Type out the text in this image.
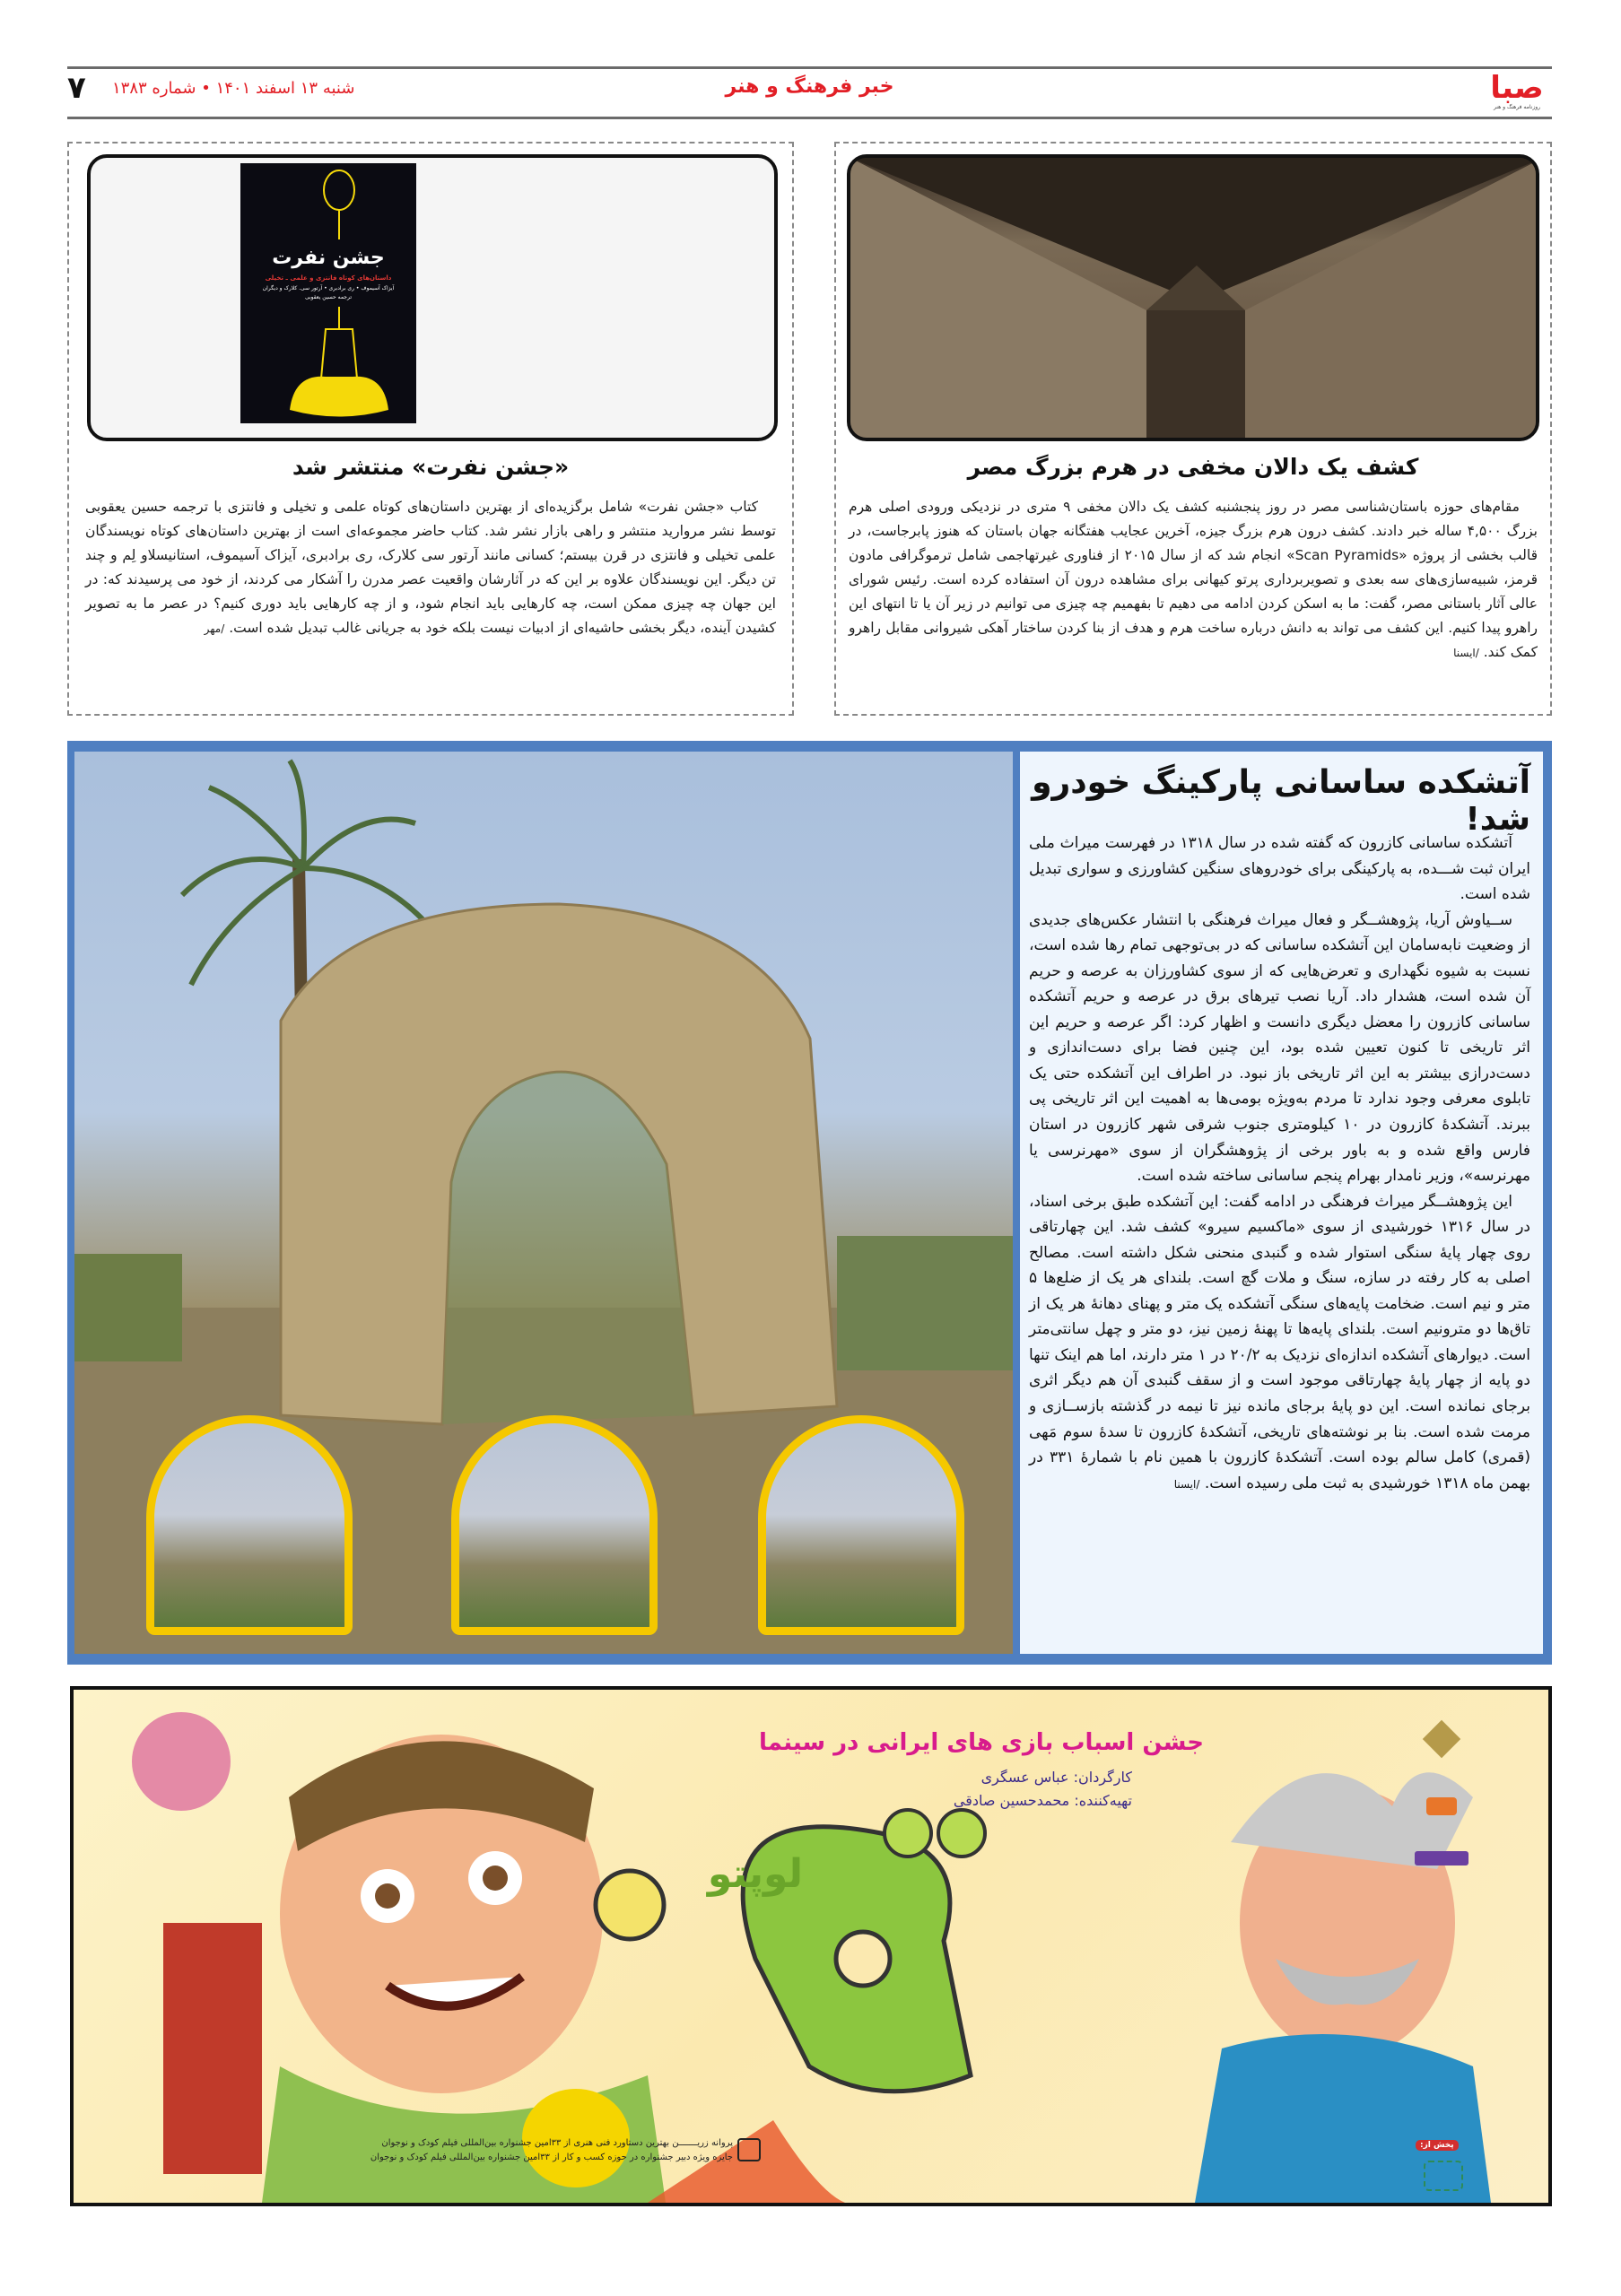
صبا
روزنامه فرهنگ و هنر
خبر فرهنگ و هنر
شنبه ۱۳ اسفند ۱۴۰۱ • شماره ۱۳۸۳
۷
کشف یک دالان مخفی در هرم بزرگ مصر

مقام‌های حوزه باستان‌شناسی مصر در روز پنجشنبه کشف یک دالان مخفی ۹ متری در نزدیکی ورودی اصلی هرم بزرگ ۴,۵۰۰ ساله خبر دادند. کشف درون هرم بزرگ جیزه، آخرین عجایب هفتگانه جهان باستان که هنوز پابرجاست، در قالب بخشی از پروژه «Scan Pyramids» انجام شد که از سال ۲۰۱۵ از فناوری غیرتهاجمی شامل ترموگرافی مادون قرمز، شبیه‌سازی‌های سه بعدی و تصویربرداری پرتو کیهانی برای مشاهده درون آن استفاده کرده است. رئیس شورای عالی آثار باستانی مصر، گفت: ما به اسکن کردن ادامه می دهیم تا بفهمیم چه چیزی می توانیم در زیر آن یا تا انتهای این راهرو پیدا کنیم. این کشف می تواند به دانش درباره ساخت هرم و هدف از بنا کردن ساختار آهکی شیروانی مقابل راهرو کمک کند. /ایسنا

جشن نفرت
داستان‌های کوتاه فانتزی و علمی ـ تخیلی
آیزاک آسیموف • ری برادبری • آرتور سی. کلارک و دیگران
ترجمه حسین یعقوبی
«جشن نفرت» منتشر شد

کتاب «جشن نفرت» شامل برگزیده‌ای از بهترین داستان‌های کوتاه علمی و تخیلی و فانتزی با ترجمه حسین یعقوبی توسط نشر مروارید منتشر و راهی بازار نشر شد. کتاب حاضر مجموعه‌ای است از بهترین داستان‌های کوتاه نویسندگان علمی تخیلی و فانتزی در قرن بیستم؛ کسانی مانند آرتور سی کلارک، ری برادبری، آیزاک آسیموف، استانیسلاو لِم و چند تن دیگر. این نویسندگان علاوه بر این که در آثارشان واقعیت عصر مدرن را آشکار می کردند، از خود می پرسیدند که: در این جهان چه چیزی ممکن است، چه کارهایی باید انجام شود، و از چه کارهایی باید دوری کنیم؟ در عصر ما به تصویر کشیدن آینده، دیگر بخشی حاشیه‌ای از ادبیات نیست بلکه خود به جریانی غالب تبدیل شده است. /مهر

آتشکده ساسانی پارکینگ خودرو شد!

آتشکده ساسانی کازرون که گفته شده در سال ۱۳۱۸ در فهرست میراث ملی ایران ثبت شـــده، به پارکینگی برای خودروهای سنگین کشاورزی و سواری تبدیل شده است.

ســیاوش آریا، پژوهشــگر و فعال میراث فرهنگی با انتشار عکس‌های جدیدی از وضعیت نابه‌سامان این آتشکده ساسانی که در بی‌توجهی تمام رها شده است، نسبت به شیوه نگهداری و تعرض‌هایی که از سوی کشاورزان به عرصه و حریم آن شده است، هشدار داد. آریا نصب تیرهای برق در عرصه و حریم آتشکده ساسانی کازرون را معضل دیگری دانست و اظهار کرد: اگر عرصه و حریم این اثر تاریخی تا کنون تعیین شده بود، این چنین فضا برای دست‌اندازی و دست‌درازی بیشتر به این اثر تاریخی باز نبود. در اطراف این آتشکده حتی یک تابلوی معرفی وجود ندارد تا مردم به‌ویژه بومی‌ها به اهمیت این اثر تاریخی پی ببرند. آتشکدهٔ کازرون در ۱۰ کیلومتری جنوب شرقی شهر کازرون در استان فارس واقع شده و به باور برخی از پژوهشگران از سوی «مهرنرسی یا مهرنرسه»، وزیر نامدار بهرام پنجم ساسانی ساخته شده است.

این پژوهشــگر میراث فرهنگی در ادامه گفت: این آتشکده طبق برخی اسناد، در سال ۱۳۱۶ خورشیدی از سوی «ماکسیم سیرو» کشف شد. این چهارتاقی روی چهار پایهٔ سنگی استوار شده و گنبدی منحنی شکل داشته است. مصالح اصلی به کار رفته در سازه، سنگ و ملات گچ است. بلندای هر یک از ضلع‌ها ۵ متر و نیم است. ضخامت پایه‌های سنگی آتشکده یک متر و پهنای دهانهٔ هر یک از تاق‌ها دو مترونیم است. بلندای پایه‌ها تا پهنهٔ زمین نیز، دو متر و چهل سانتی‌متر است. دیوارهای آتشکده اندازه‌ای نزدیک به ۲۰/۲ در ۱ متر دارند، اما هم اینک تنها دو پایه از چهار پایهٔ چهارتاقی موجود است و از سقف گنبدی آن هم دیگر اثری برجای نمانده است. این دو پایهٔ برجای مانده نیز تا نیمه در گذشته بازســازی و مرمت شده است. بنا بر نوشته‌های تاریخی، آتشکدهٔ کازرون تا سدهٔ سوم مَهی (قمری) کامل سالم بوده است. آتشکدهٔ کازرون با همین نام با شمارهٔ ۳۳۱ در بهمن ماه ۱۳۱۸ خورشیدی به ثبت ملی رسیده است. /ایسنا

جشن اسباب بازی های ایرانی در سینما
کارگردان: عباس عسگری
تهیه‌کننده: محمدحسین صادقی
لوپتو
پروانه زریـــــــن بهترین دستاورد فنی هنری از ۳۳امین جشنواره بین‌المللی فیلم کودک و نوجوان
جایزه ویژه دبیر جشنواره در حوزه کسب و کار از ۳۳امین جشنواره بین‌المللی فیلم کودک و نوجوان
پخش از:
